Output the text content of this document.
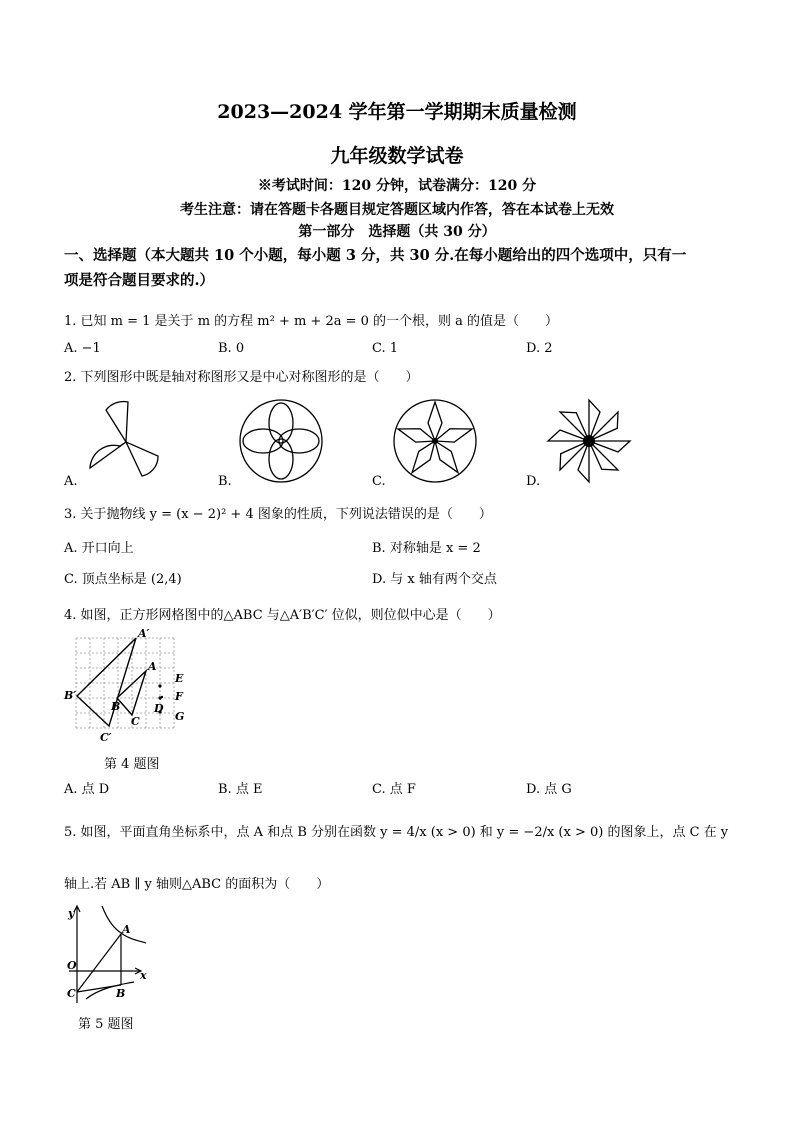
2023—2024 学年第一学期期末质量检测
九年级数学试卷
※考试时间：120 分钟，试卷满分：120 分
考生注意：请在答题卡各题目规定答题区域内作答，答在本试卷上无效
第一部分　选择题（共 30 分）
一、选择题（本大题共 10 个小题，每小题 3 分，共 30 分.在每小题给出的四个选项中，只有一
项是符合题目要求的.）
1. 已知 m = 1 是关于 m 的方程 m² + m + 2a = 0 的一个根，则 a 的值是（　　）
A. −1	B. 0	C. 1	D. 2
2. 下列图形中既是轴对称图形又是中心对称图形的是（　　）
A.	B.	C.	D.
3. 关于抛物线 y = (x − 2)² + 4 图象的性质，下列说法错误的是（　　）
A. 开口向上	B. 对称轴是 x = 2
C. 顶点坐标是 (2,4)	D. 与 x 轴有两个交点
4. 如图，正方形网格图中的△ABC 与△A′B′C′ 位似，则位似中心是（　　）
A′
A
B′
B
C
C′
D
E
F
G
第 4 题图
A. 点 D	B. 点 E	C. 点 F	D. 点 G
5. 如图，平面直角坐标系中，点 A 和点 B 分别在函数 y = 4/x (x > 0) 和 y = −2/x (x > 0) 的图象上，点 C 在 y
轴上.若 AB ∥ y 轴则△ABC 的面积为（　　）
y
A
O
x
C	B
第 5 题图
